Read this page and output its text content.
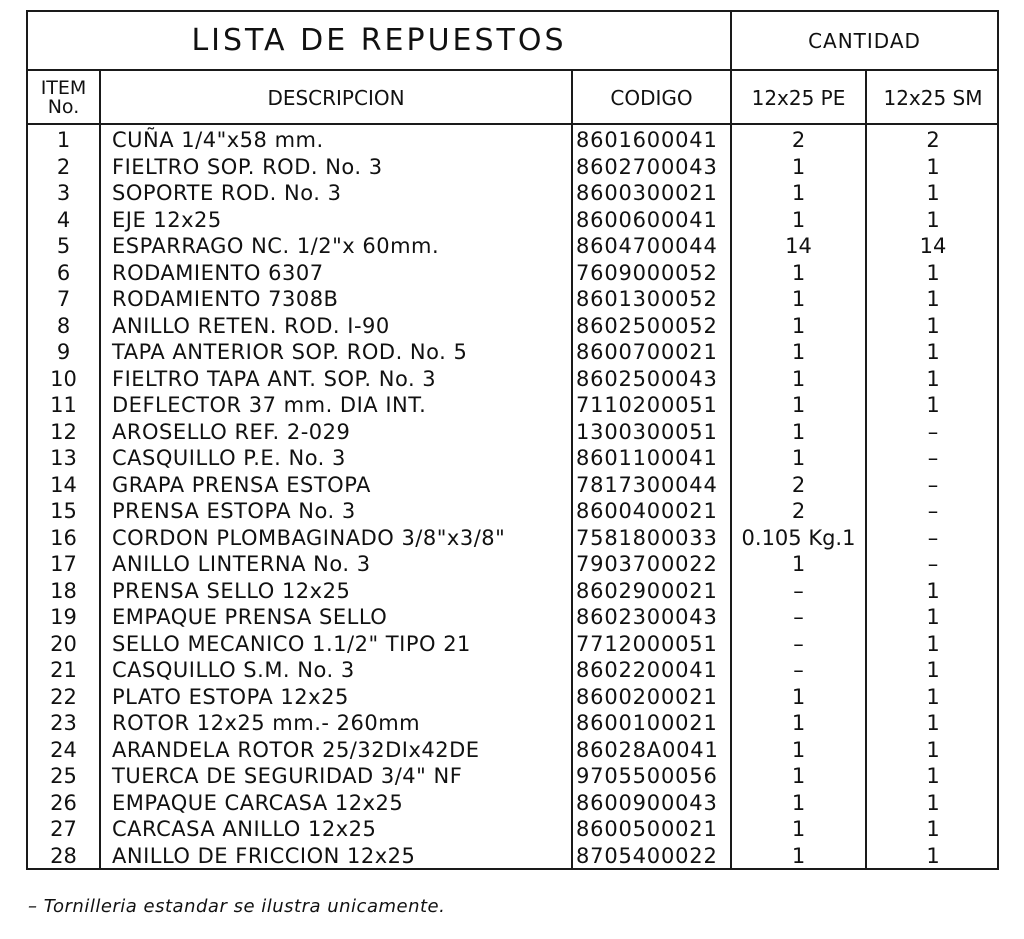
LISTA DE REPUESTOS	CANTIDAD
ITEM
No.	DESCRIPCION	CODIGO	12x25 PE	12x25 SM
1	CUÑA 1/4"x58 mm.	8601600041	2	2
2	FIELTRO SOP. ROD. No. 3	8602700043	1	1
3	SOPORTE ROD. No. 3	8600300021	1	1
4	EJE 12x25	8600600041	1	1
5	ESPARRAGO NC. 1/2"x 60mm.	8604700044	14	14
6	RODAMIENTO 6307	7609000052	1	1
7	RODAMIENTO 7308B	8601300052	1	1
8	ANILLO RETEN. ROD. I-90	8602500052	1	1
9	TAPA ANTERIOR SOP. ROD. No. 5	8600700021	1	1
10	FIELTRO TAPA ANT. SOP. No. 3	8602500043	1	1
11	DEFLECTOR 37 mm. DIA INT.	7110200051	1	1
12	AROSELLO REF. 2-029	1300300051	1	–
13	CASQUILLO P.E. No. 3	8601100041	1	–
14	GRAPA PRENSA ESTOPA	7817300044	2	–
15	PRENSA ESTOPA No. 3	8600400021	2	–
16	CORDON PLOMBAGINADO 3/8"x3/8"	7581800033	0.105 Kg.1	–
17	ANILLO LINTERNA No. 3	7903700022	1	–
18	PRENSA SELLO 12x25	8602900021	–	1
19	EMPAQUE PRENSA SELLO	8602300043	–	1
20	SELLO MECANICO 1.1/2" TIPO 21	7712000051	–	1
21	CASQUILLO S.M. No. 3	8602200041	–	1
22	PLATO ESTOPA 12x25	8600200021	1	1
23	ROTOR 12x25 mm.- 260mm	8600100021	1	1
24	ARANDELA ROTOR 25/32DIx42DE	86028A0041	1	1
25	TUERCA DE SEGURIDAD 3/4" NF	9705500056	1	1
26	EMPAQUE CARCASA 12x25	8600900043	1	1
27	CARCASA ANILLO 12x25	8600500021	1	1
28	ANILLO DE FRICCION 12x25	8705400022	1	1
– Tornilleria estandar se ilustra unicamente.
